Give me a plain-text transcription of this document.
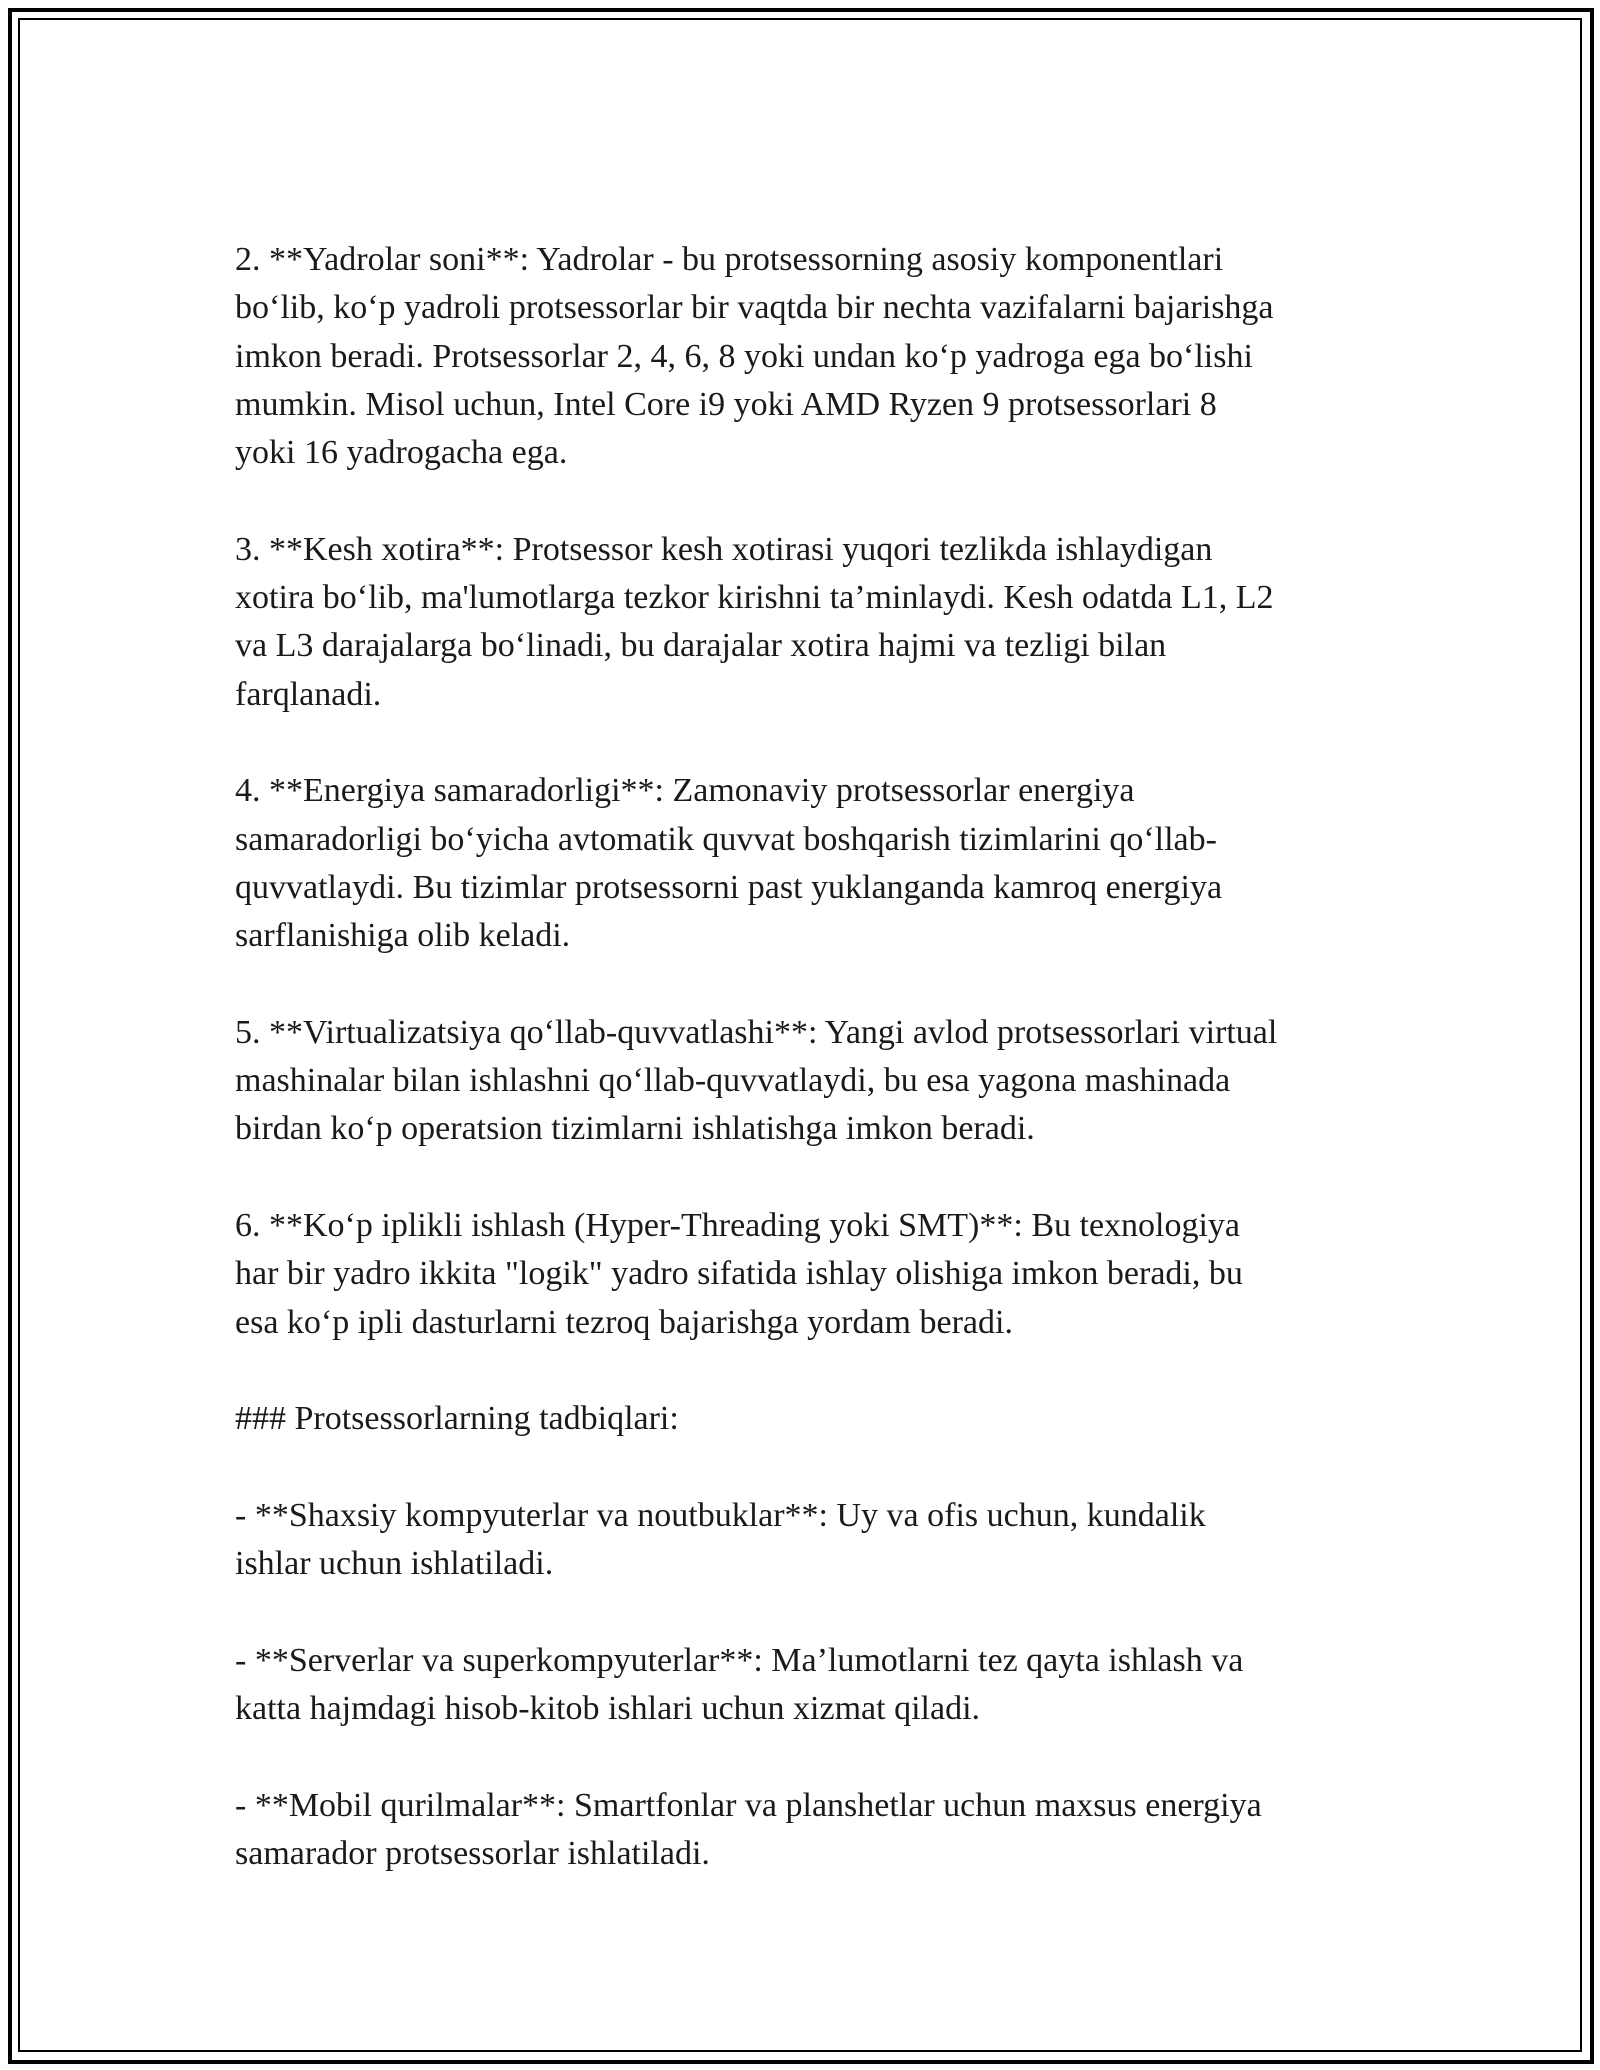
2. **Yadrolar soni**: Yadrolar - bu protsessorning asosiy komponentlari
bo‘lib, ko‘p yadroli protsessorlar bir vaqtda bir nechta vazifalarni bajarishga
imkon beradi. Protsessorlar 2, 4, 6, 8 yoki undan ko‘p yadroga ega bo‘lishi
mumkin. Misol uchun, Intel Core i9 yoki AMD Ryzen 9 protsessorlari 8
yoki 16 yadrogacha ega.

3. **Kesh xotira**: Protsessor kesh xotirasi yuqori tezlikda ishlaydigan
xotira bo‘lib, ma'lumotlarga tezkor kirishni ta’minlaydi. Kesh odatda L1, L2
va L3 darajalarga bo‘linadi, bu darajalar xotira hajmi va tezligi bilan
farqlanadi.

4. **Energiya samaradorligi**: Zamonaviy protsessorlar energiya
samaradorligi bo‘yicha avtomatik quvvat boshqarish tizimlarini qo‘llab-
quvvatlaydi. Bu tizimlar protsessorni past yuklanganda kamroq energiya
sarflanishiga olib keladi.

5. **Virtualizatsiya qo‘llab-quvvatlashi**: Yangi avlod protsessorlari virtual
mashinalar bilan ishlashni qo‘llab-quvvatlaydi, bu esa yagona mashinada
birdan ko‘p operatsion tizimlarni ishlatishga imkon beradi.

6. **Ko‘p iplikli ishlash (Hyper-Threading yoki SMT)**: Bu texnologiya
har bir yadro ikkita "logik" yadro sifatida ishlay olishiga imkon beradi, bu
esa ko‘p ipli dasturlarni tezroq bajarishga yordam beradi.

### Protsessorlarning tadbiqlari:

- **Shaxsiy kompyuterlar va noutbuklar**: Uy va ofis uchun, kundalik
ishlar uchun ishlatiladi.

- **Serverlar va superkompyuterlar**: Ma’lumotlarni tez qayta ishlash va
katta hajmdagi hisob-kitob ishlari uchun xizmat qiladi.

- **Mobil qurilmalar**: Smartfonlar va planshetlar uchun maxsus energiya
samarador protsessorlar ishlatiladi.
